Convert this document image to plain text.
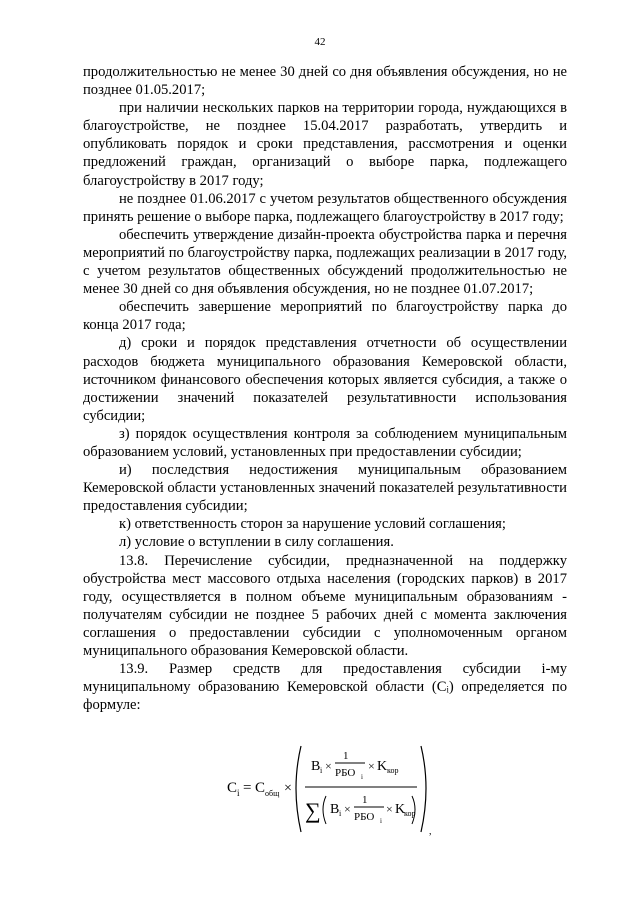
42

продолжительностью не менее 30 дней со дня объявления обсуждения, но не позднее 01.05.2017;

при наличии нескольких парков на территории города, нуждающихся в благоустройстве, не позднее 15.04.2017 разработать, утвердить и опубликовать порядок и сроки представления, рассмотрения и оценки предложений граждан, организаций о выборе парка, подлежащего благоустройству в 2017 году;

не позднее 01.06.2017 с учетом результатов общественного обсуждения принять решение о выборе парка, подлежащего благоустройству в 2017 году;

обеспечить утверждение дизайн-проекта обустройства парка и перечня мероприятий по благоустройству парка, подлежащих реализации в 2017 году, с учетом результатов общественных обсуждений продолжительностью не менее 30 дней со дня объявления обсуждения, но не позднее 01.07.2017;

обеспечить завершение мероприятий по благоустройству парка до конца 2017 года;

д) сроки и порядок представления отчетности об осуществлении расходов бюджета муниципального образования Кемеровской области, источником финансового обеспечения которых является субсидия, а также о достижении значений показателей результативности использования субсидии;

з) порядок осуществления контроля за соблюдением муниципальным образованием условий, установленных при предоставлении субсидии;

и) последствия недостижения муниципальным образованием Кемеровской области установленных значений показателей результативности предоставления субсидии;

к) ответственность сторон за нарушение условий соглашения;

л) условие о вступлении в силу соглашения.

13.8. Перечисление субсидии, предназначенной на поддержку обустройства мест массового отдыха населения (городских парков) в 2017 году, осуществляется в полном объеме муниципальным образованиям - получателям субсидии не позднее 5 рабочих дней с момента заключения соглашения о предоставлении субсидии с уполномоченным органом муниципального образования Кемеровской области.

13.9. Размер средств для предоставления субсидии i-му муниципальному образованию Кемеровской области (Cᵢ) определяется по формуле:

C i = C общ ×
B i ×
1
РБО i
× K кор
∑ B i ×
1
РБО i
× K
кор
,
